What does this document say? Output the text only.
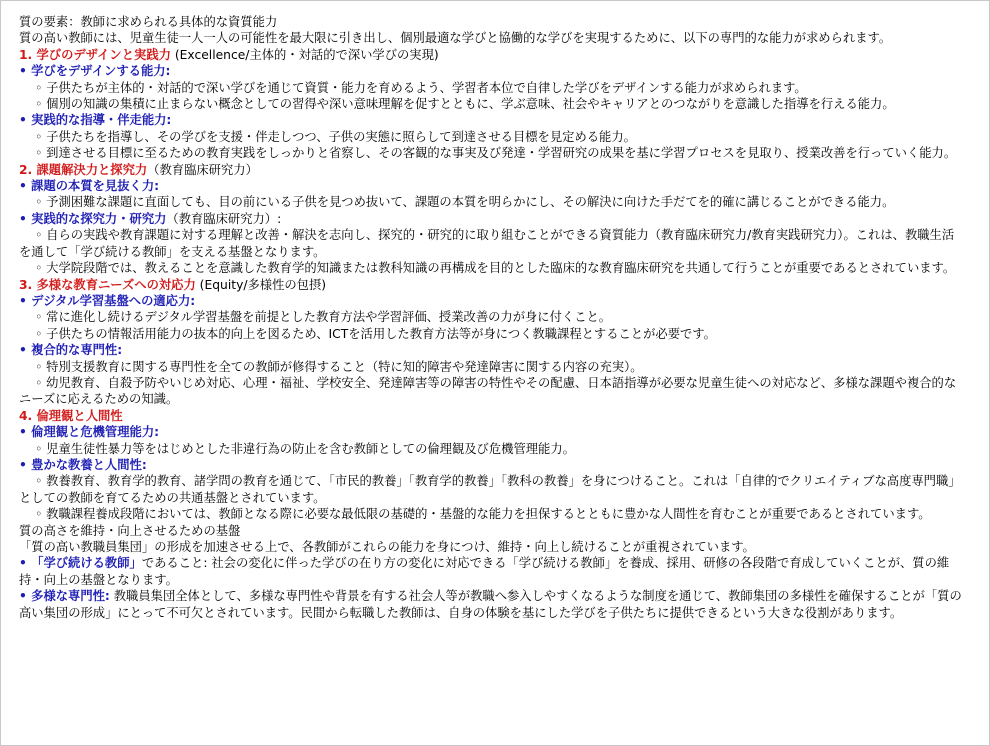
質の要素：教師に求められる具体的な資質能力

質の高い教師には、児童生徒一人一人の可能性を最大限に引き出し、個別最適な学びと協働的な学びを実現するために、以下の専門的な能力が求められます。

1. 学びのデザインと実践力 (Excellence/主体的・対話的で深い学びの実現)

• 学びをデザインする能力:

◦ 子供たちが主体的・対話的で深い学びを通じて資質・能力を育めるよう、学習者本位で自律した学びをデザインする能力が求められます。

◦ 個別の知識の集積に止まらない概念としての習得や深い意味理解を促すとともに、学ぶ意味、社会やキャリアとのつながりを意識した指導を行える能力。

• 実践的な指導・伴走能力:

◦ 子供たちを指導し、その学びを支援・伴走しつつ、子供の実態に照らして到達させる目標を見定める能力。

◦ 到達させる目標に至るための教育実践をしっかりと省察し、その客観的な事実及び発達・学習研究の成果を基に学習プロセスを見取り、授業改善を行っていく能力。

2. 課題解決力と探究力（教育臨床研究力）

• 課題の本質を見抜く力:

◦ 予測困難な課題に直面しても、目の前にいる子供を見つめ抜いて、課題の本質を明らかにし、その解決に向けた手だてを的確に講じることができる能力。

• 実践的な探究力・研究力（教育臨床研究力）:

◦ 自らの実践や教育課題に対する理解と改善・解決を志向し、探究的・研究的に取り組むことができる資質能力（教育臨床研究力/教育実践研究力）。これは、教職生活を通して「学び続ける教師」を支える基盤となります。

◦ 大学院段階では、教えることを意識した教育学的知識または教科知識の再構成を目的とした臨床的な教育臨床研究を共通して行うことが重要であるとされています。

3. 多様な教育ニーズへの対応力 (Equity/多様性の包摂)

• デジタル学習基盤への適応力:

◦ 常に進化し続けるデジタル学習基盤を前提とした教育方法や学習評価、授業改善の力が身に付くこと。

◦ 子供たちの情報活用能力の抜本的向上を図るため、ICTを活用した教育方法等が身につく教職課程とすることが必要です。

• 複合的な専門性:

◦ 特別支援教育に関する専門性を全ての教師が修得すること（特に知的障害や発達障害に関する内容の充実）。

◦ 幼児教育、自殺予防やいじめ対応、心理・福祉、学校安全、発達障害等の障害の特性やその配慮、日本語指導が必要な児童生徒への対応など、多様な課題や複合的なニーズに応えるための知識。

4. 倫理観と人間性

• 倫理観と危機管理能力:

◦ 児童生徒性暴力等をはじめとした非違行為の防止を含む教師としての倫理観及び危機管理能力。

• 豊かな教養と人間性:

◦ 教養教育、教育学的教育、諸学問の教育を通じて、「市民的教養」「教育学的教養」「教科の教養」を身につけること。これは「自律的でクリエイティブな高度専門職」としての教師を育てるための共通基盤とされています。

◦ 教職課程養成段階においては、教師となる際に必要な最低限の基礎的・基盤的な能力を担保するとともに豊かな人間性を育むことが重要であるとされています。

質の高さを維持・向上させるための基盤

「質の高い教職員集団」の形成を加速させる上で、各教師がこれらの能力を身につけ、維持・向上し続けることが重視されています。

• 「学び続ける教師」であること: 社会の変化に伴った学びの在り方の変化に対応できる「学び続ける教師」を養成、採用、研修の各段階で育成していくことが、質の維持・向上の基盤となります。

• 多様な専門性: 教職員集団全体として、多様な専門性や背景を有する社会人等が教職へ参入しやすくなるような制度を通じて、教師集団の多様性を確保することが「質の高い集団の形成」にとって不可欠とされています。民間から転職した教師は、自身の体験を基にした学びを子供たちに提供できるという大きな役割があります。
